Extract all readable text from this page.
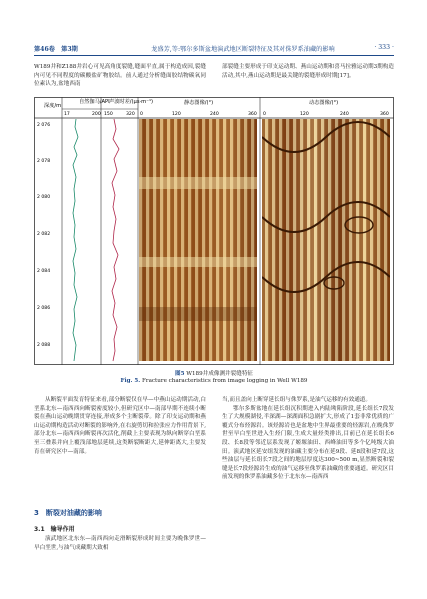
第46卷　第3期	龙盛芳,等:鄂尔多斯盆地演武地区断裂特征及其对侏罗系油藏的影响	· 333 ·

W189井和Z188井岩心可见高角度裂缝,缝面平直,属于构造成因,裂缝内可见不同程度的碳酸盐矿物胶结。前人通过分析缝面胶结物碳氧同位素认为,盆地西南

部裂缝主要形成于印支运动期、燕山运动期和喜马拉雅运动期3期构造活动,其中,燕山运动期是最关键的裂缝形成时期[17]。

深度/m
自然伽马/API 声波时差/(μs·m⁻¹)	静态图像/(°)	动态图像/(°)
17	200 150	320 0	120	240	360 0	120	240	360
2 076
2 078
2 080
2 082
2 084
2 086
2 088
图5 W189井成像测井裂缝特征
Fig. 5. Fracture characteristics from image logging in Well W189

从断裂平面发育特征来看,部分断裂仅在早—中燕山运动期活动,白垩系北东—南西西向断裂密度较小,但研究区中—南部早期不连续小断裂在燕山运动晚期贯穿连接,形成多个主断裂带。除了印支运动期和燕山运动期构造活动对断裂的影响外,在右旋剪切和拉张应力作用背景下,部分北东—南西西向断裂再次活化,削截上主要表现为纵向断穿白垩系至三叠系并向上覆浅部地层延续,这类断裂断距大,延伸距离大,主要发育在研究区中—南部。

3　断裂对油藏的影响
3.1　输导作用

演武地区北东东—南西西向走滑断裂形成时间主要为晚侏罗世—早白垩世,与油气成藏期大致相

当,而且盖向上断穿延长组与侏罗系,是油气运移的有效通道。

鄂尔多斯盆地在延长组沉积期进入内陆坳陷阶段,延长组长7段发生了大规模湖侵,半深湖—深湖面积急剧扩大,形成了1套非常优质的广覆式分布烃源岩。该烃源岩也是盆地中生界最重要的烃源岩,在晚侏罗世至早白垩世进入生烃门限,生成大量烃类排出,目前已在延长组长6段、长8段等邻近层系发现了姬塬油田、西峰油田等多个亿吨级大油田。演武地区延安组发现的油藏主要分布在延9段、延8段和延7段,这些油层与延长组长7段之间的地层厚度达300~500 m,显然断裂和裂缝是长7段烃源岩生成的油气运移至侏罗系油藏的重要通道。研究区目前发现的侏罗系油藏多位于北东东—南西西
